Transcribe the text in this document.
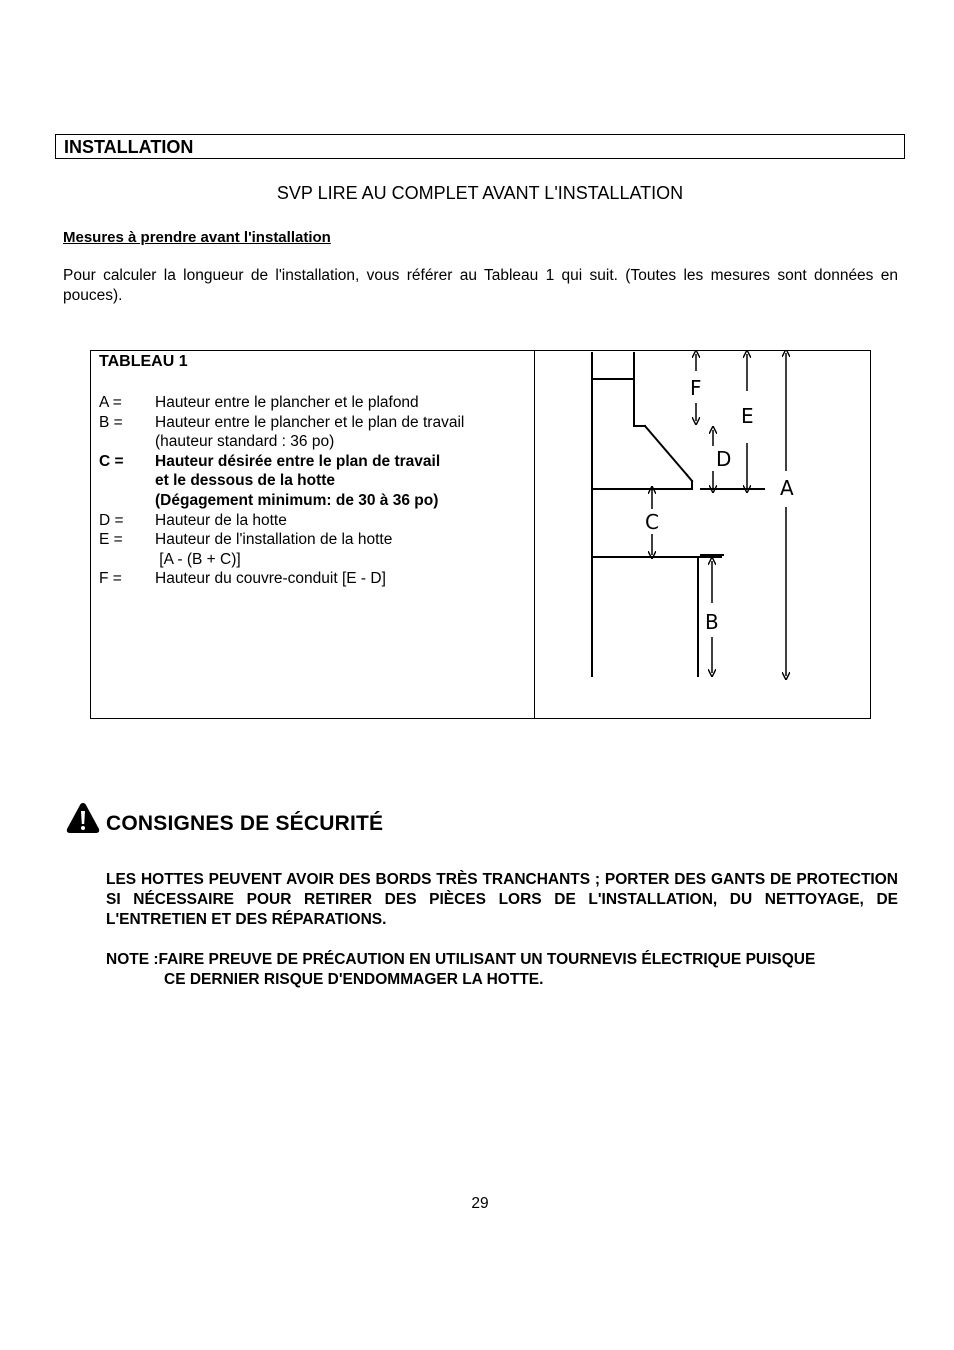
INSTALLATION
SVP LIRE AU COMPLET AVANT L'INSTALLATION
Mesures à prendre avant l'installation
Pour calculer la longueur de l'installation, vous référer au Tableau 1 qui suit. (Toutes les mesures sont données en pouces).
TABLEAU 1
A =	Hauteur entre le plancher et le plafond
B =	Hauteur entre le plancher et le plan de travail
(hauteur standard : 36 po)
C =	Hauteur désirée entre le plan de travail
et le dessous de la hotte
(Dégagement minimum: de 30 à 36 po)
D =	Hauteur de la hotte
E =	Hauteur de l'installation de la hotte
[A - (B + C)]
F =	Hauteur du couvre-conduit [E - D]
F
E
D
A
C
B
CONSIGNES DE SÉCURITÉ
LES HOTTES PEUVENT AVOIR DES BORDS TRÈS TRANCHANTS ; PORTER DES GANTS DE PROTECTION SI NÉCESSAIRE POUR RETIRER DES PIÈCES LORS DE L'INSTALLATION, DU NETTOYAGE, DE L'ENTRETIEN ET DES RÉPARATIONS.
NOTE :FAIRE PREUVE DE PRÉCAUTION EN UTILISANT UN TOURNEVIS ÉLECTRIQUE PUISQUE
CE DERNIER RISQUE D'ENDOMMAGER LA HOTTE.
29
